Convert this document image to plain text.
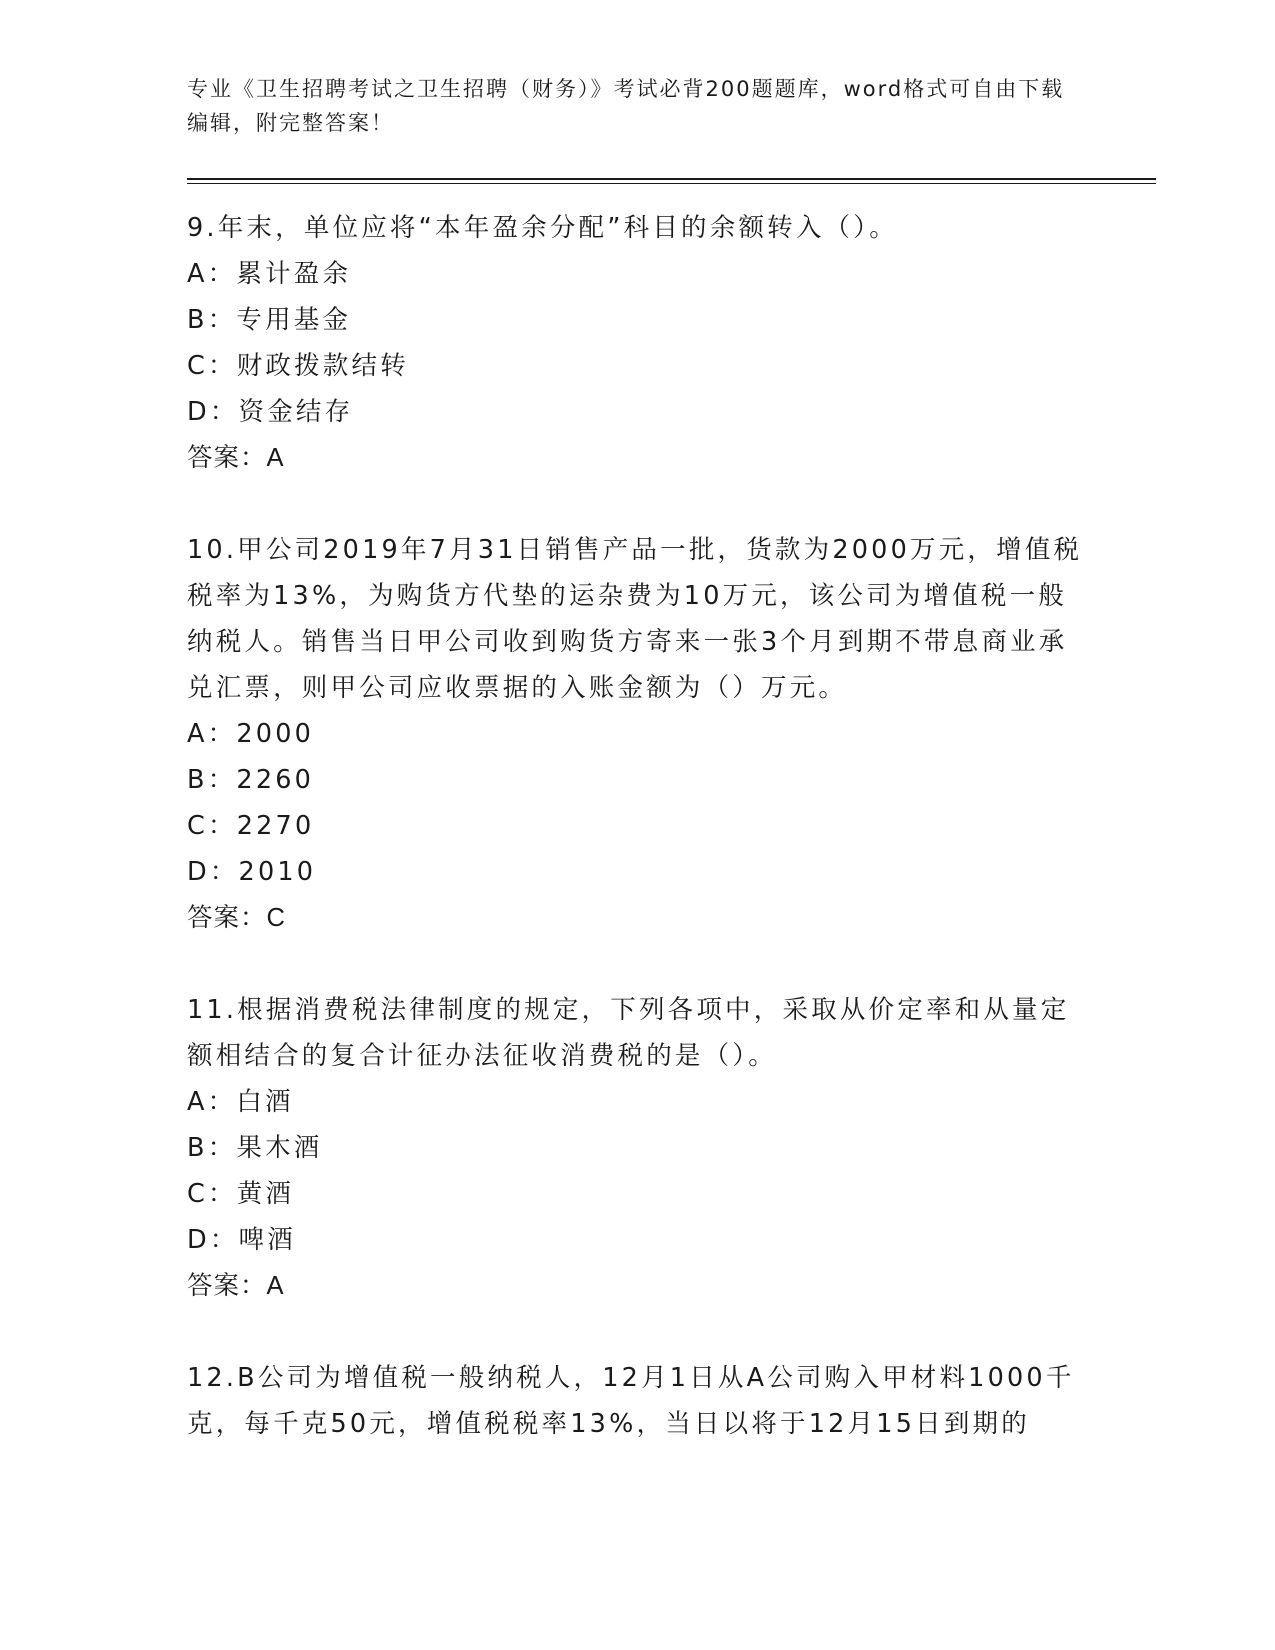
专业《卫生招聘考试之卫生招聘（财务）》考试必背200题题库，word格式可自由下载编辑，附完整答案！

9.年末，单位应将“本年盈余分配”科目的余额转入（）。

A：累计盈余

B：专用基金

C：财政拨款结转

D：资金结存

答案：A

10.甲公司2019年7月31日销售产品一批，货款为2000万元，增值税税率为13%，为购货方代垫的运杂费为10万元，该公司为增值税一般纳税人。销售当日甲公司收到购货方寄来一张3个月到期不带息商业承兑汇票，则甲公司应收票据的入账金额为（）万元。

A：2000

B：2260

C：2270

D：2010

答案：C

11.根据消费税法律制度的规定，下列各项中，采取从价定率和从量定额相结合的复合计征办法征收消费税的是（）。

A：白酒

B：果木酒

C：黄酒

D：啤酒

答案：A

12.B公司为增值税一般纳税人，12月1日从A公司购入甲材料1000千克，每千克50元，增值税税率13%，当日以将于12月15日到期的
